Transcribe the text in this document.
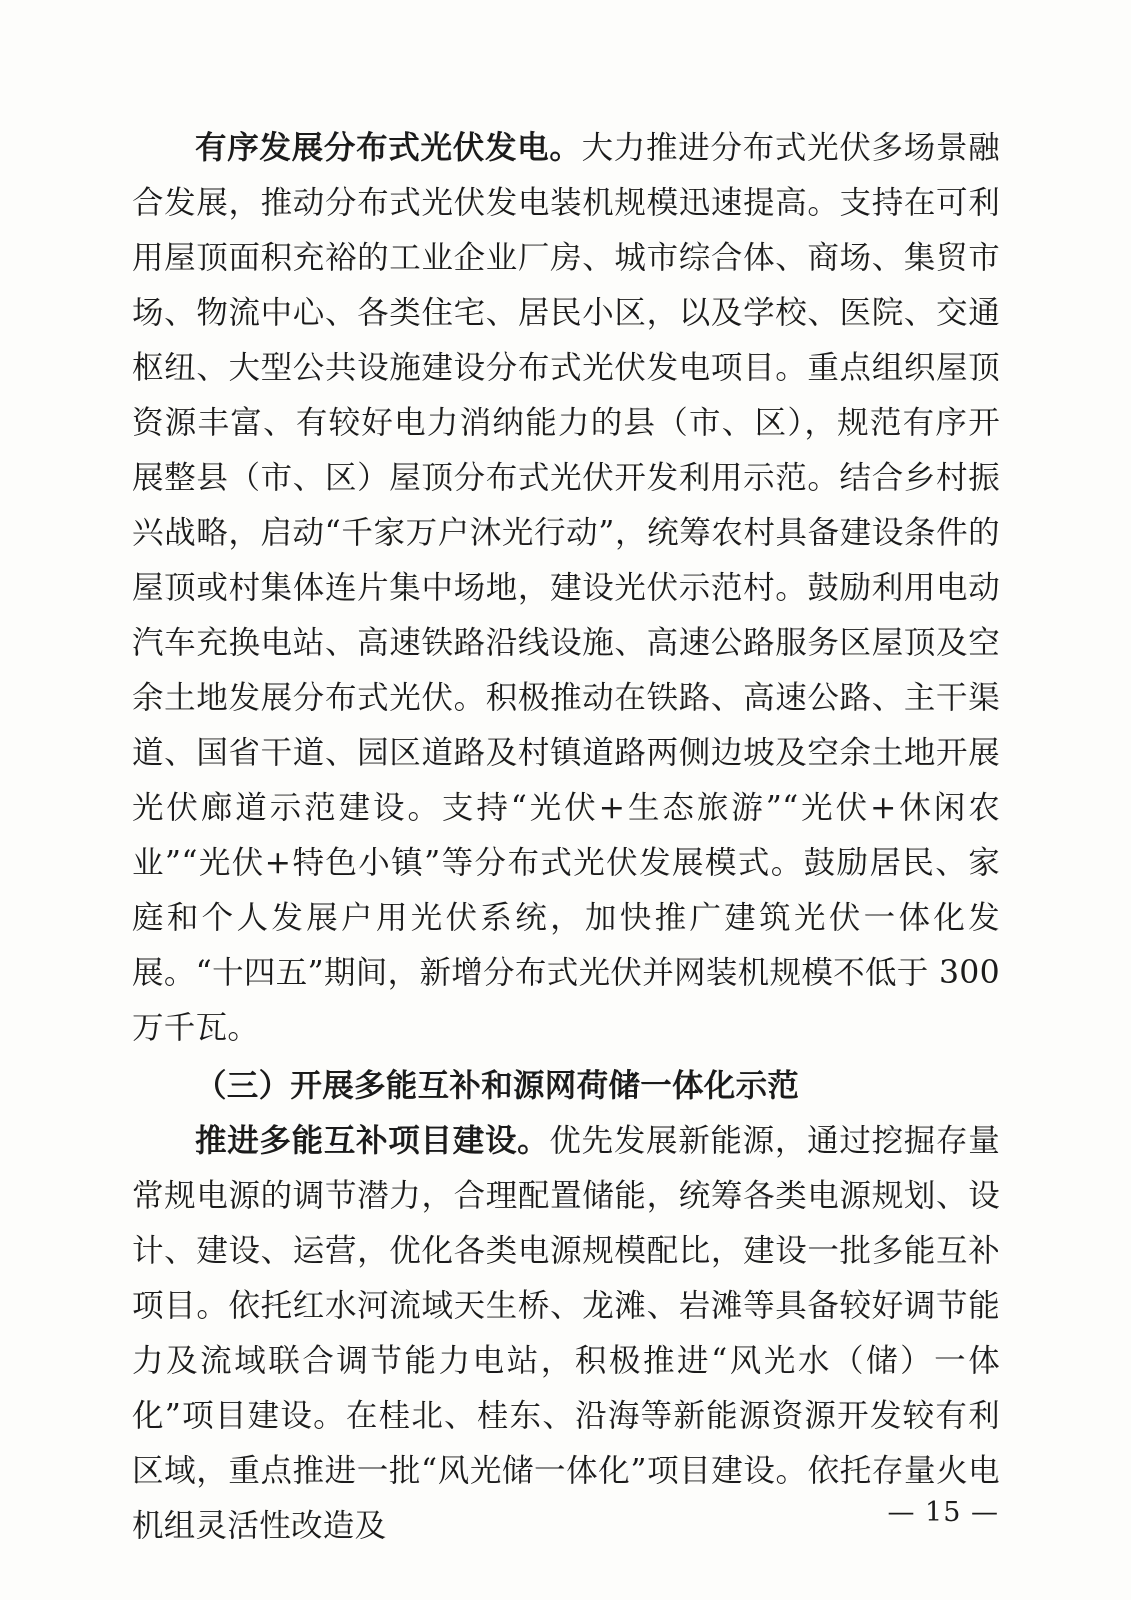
有序发展分布式光伏发电。大力推进分布式光伏多场景融合发展，推动分布式光伏发电装机规模迅速提高。支持在可利用屋顶面积充裕的工业企业厂房、城市综合体、商场、集贸市场、物流中心、各类住宅、居民小区，以及学校、医院、交通枢纽、大型公共设施建设分布式光伏发电项目。重点组织屋顶资源丰富、有较好电力消纳能力的县（市、区），规范有序开展整县（市、区）屋顶分布式光伏开发利用示范。结合乡村振兴战略，启动“千家万户沐光行动”，统筹农村具备建设条件的屋顶或村集体连片集中场地，建设光伏示范村。鼓励利用电动汽车充换电站、高速铁路沿线设施、高速公路服务区屋顶及空余土地发展分布式光伏。积极推动在铁路、高速公路、主干渠道、国省干道、园区道路及村镇道路两侧边坡及空余土地开展光伏廊道示范建设。支持“光伏+生态旅游”“光伏+休闲农业”“光伏+特色小镇”等分布式光伏发展模式。鼓励居民、家庭和个人发展户用光伏系统，加快推广建筑光伏一体化发展。“十四五”期间，新增分布式光伏并网装机规模不低于 300 万千瓦。

（三）开展多能互补和源网荷储一体化示范

推进多能互补项目建设。优先发展新能源，通过挖掘存量常规电源的调节潜力，合理配置储能，统筹各类电源规划、设计、建设、运营，优化各类电源规模配比，建设一批多能互补项目。依托红水河流域天生桥、龙滩、岩滩等具备较好调节能力及流域联合调节能力电站，积极推进“风光水（储）一体化”项目建设。在桂北、桂东、沿海等新能源资源开发较有利区域，重点推进一批“风光储一体化”项目建设。依托存量火电机组灵活性改造及	— 15 —
